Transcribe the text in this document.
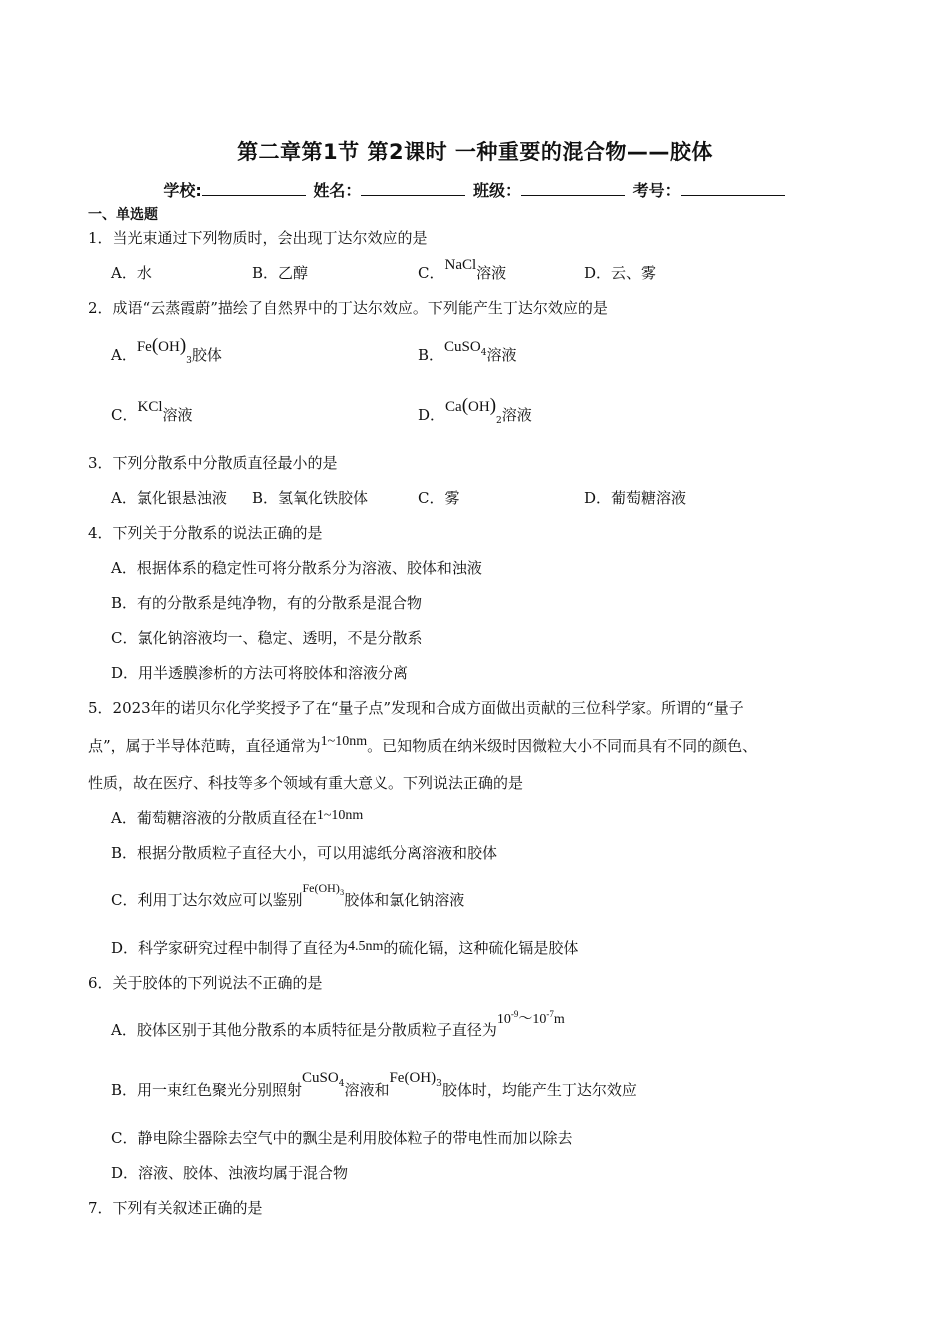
第二章第1节 第2课时 一种重要的混合物——胶体
学校:	姓名：	班级：	考号：
一、单选题
1．当光束通过下列物质时，会出现丁达尔效应的是
A．水	B．乙醇	C．NaCl溶液	D．云、雾
2．成语“云蒸霞蔚”描绘了自然界中的丁达尔效应。下列能产生丁达尔效应的是
A．$Fe(OH)_3$胶体	B．CuSO$^4$溶液
C．KCl溶液	D．$Ca(OH)_2$溶液
3．下列分散系中分散质直径最小的是
A．氯化银悬浊液 B．氢氧化铁胶体	C．雾	D．葡萄糖溶液
4．下列关于分散系的说法正确的是
A．根据体系的稳定性可将分散系分为溶液、胶体和浊液
B．有的分散系是纯净物，有的分散系是混合物
C．氯化钠溶液均一、稳定、透明，不是分散系
D．用半透膜渗析的方法可将胶体和溶液分离
5．2023年的诺贝尔化学奖授予了在“量子点”发现和合成方面做出贡献的三位科学家。所谓的“量子
点”，属于半导体范畴，直径通常为1~10nm。已知物质在纳米级时因微粒大小不同而具有不同的颜色、
性质，故在医疗、科技等多个领域有重大意义。下列说法正确的是
A．葡萄糖溶液的分散质直径在1~10nm
B．根据分散质粒子直径大小，可以用滤纸分离溶液和胶体
C．利用丁达尔效应可以鉴别$^{Fe(OH)3}$胶体和氯化钠溶液
D．科学家研究过程中制得了直径为4.5nm的硫化镉，这种硫化镉是胶体
6．关于胶体的下列说法不正确的是
A．胶体区别于其他分散系的本质特征是分散质粒子直径为$10^{-9}\sim 10^{-7}m$
B．用一束红色聚光分别照射CuSO$^4$溶液和Fe(OH)$^3$胶体时，均能产生丁达尔效应
C．静电除尘器除去空气中的飘尘是利用胶体粒子的带电性而加以除去
D．溶液、胶体、浊液均属于混合物
7．下列有关叙述正确的是
